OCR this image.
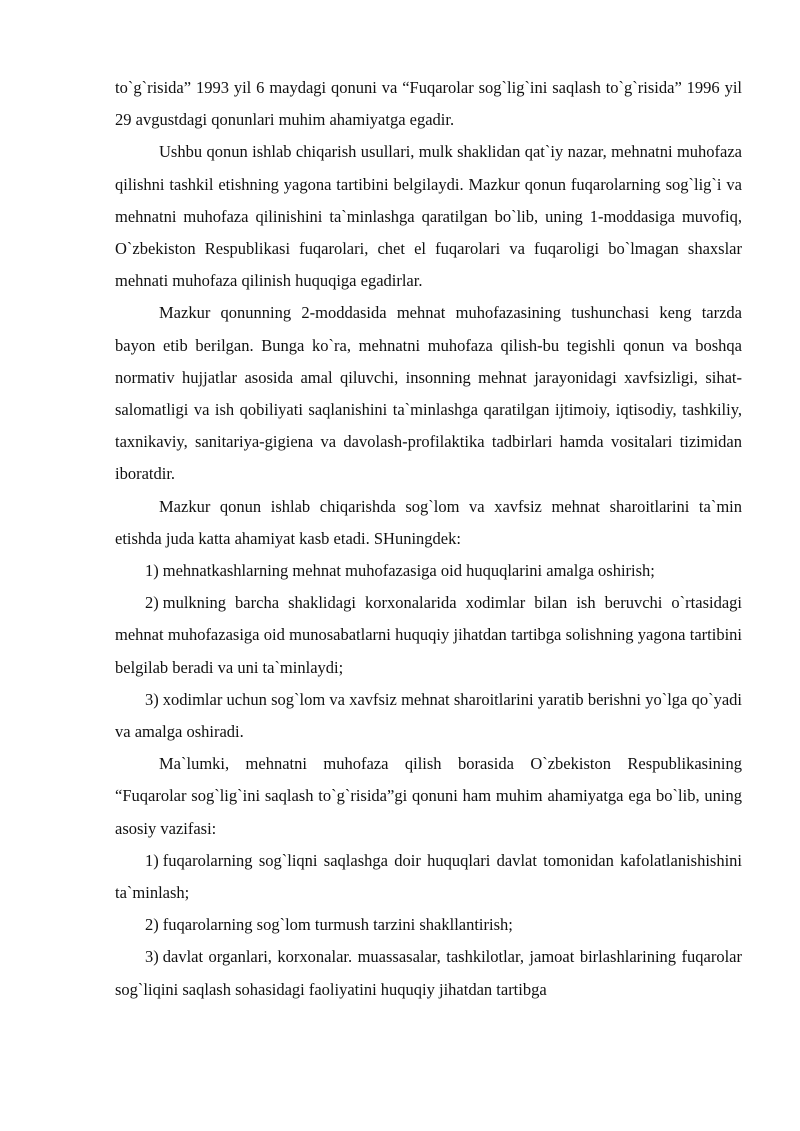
to`g`risida” 1993 yil 6 maydagi qonuni va “Fuqarolar sog`lig`ini saqlash to`g`risida” 1996 yil 29 avgustdagi qonunlari muhim ahamiyatga egadir.

Ushbu qonun ishlab chiqarish usullari, mulk shaklidan qat`iy nazar, mehnatni muhofaza qilishni tashkil etishning yagona tartibini belgilaydi. Mazkur qonun fuqarolarning sog`lig`i va mehnatni muhofaza qilinishini ta`minlashga qaratilgan bo`lib, uning 1-moddasiga muvofiq, O`zbekiston Respublikasi fuqarolari, chet el fuqarolari va fuqaroligi bo`lmagan shaxslar mehnati muhofaza qilinish huquqiga egadirlar.

Mazkur qonunning 2-moddasida mehnat muhofazasining tushunchasi keng tarzda bayon etib berilgan. Bunga ko`ra, mehnatni muhofaza qilish-bu tegishli qonun va boshqa normativ hujjatlar asosida amal qiluvchi, insonning mehnat jarayonidagi xavfsizligi, sihat-salomatligi va ish qobiliyati saqlanishini ta`minlashga qaratilgan ijtimoiy, iqtisodiy, tashkiliy, taxnikaviy, sanitariya-gigiena va davolash-profilaktika tadbirlari hamda vositalari tizimidan iboratdir.

Mazkur qonun ishlab chiqarishda sog`lom va xavfsiz mehnat sharoitlarini ta`min etishda juda katta ahamiyat kasb etadi. SHuningdek:

1) mehnatkashlarning mehnat muhofazasiga oid huquqlarini amalga oshirish;

2) mulkning barcha shaklidagi korxonalarida xodimlar bilan ish beruvchi o`rtasidagi mehnat muhofazasiga oid munosabatlarni huquqiy jihatdan tartibga solishning yagona tartibini belgilab beradi va uni ta`minlaydi;

3) xodimlar uchun sog`lom va xavfsiz mehnat sharoitlarini yaratib berishni yo`lga qo`yadi va amalga oshiradi.

Ma`lumki, mehnatni muhofaza qilish borasida O`zbekiston Respublikasining “Fuqarolar sog`lig`ini saqlash to`g`risida”gi qonuni ham muhim ahamiyatga ega bo`lib, uning asosiy vazifasi:

1) fuqarolarning sog`liqni saqlashga doir huquqlari davlat tomonidan kafolatlanishishini ta`minlash;

2) fuqarolarning sog`lom turmush tarzini shakllantirish;

3) davlat organlari, korxonalar. muassasalar, tashkilotlar, jamoat birlashlarining fuqarolar sog`liqini saqlash sohasidagi faoliyatini huquqiy jihatdan tartibga
